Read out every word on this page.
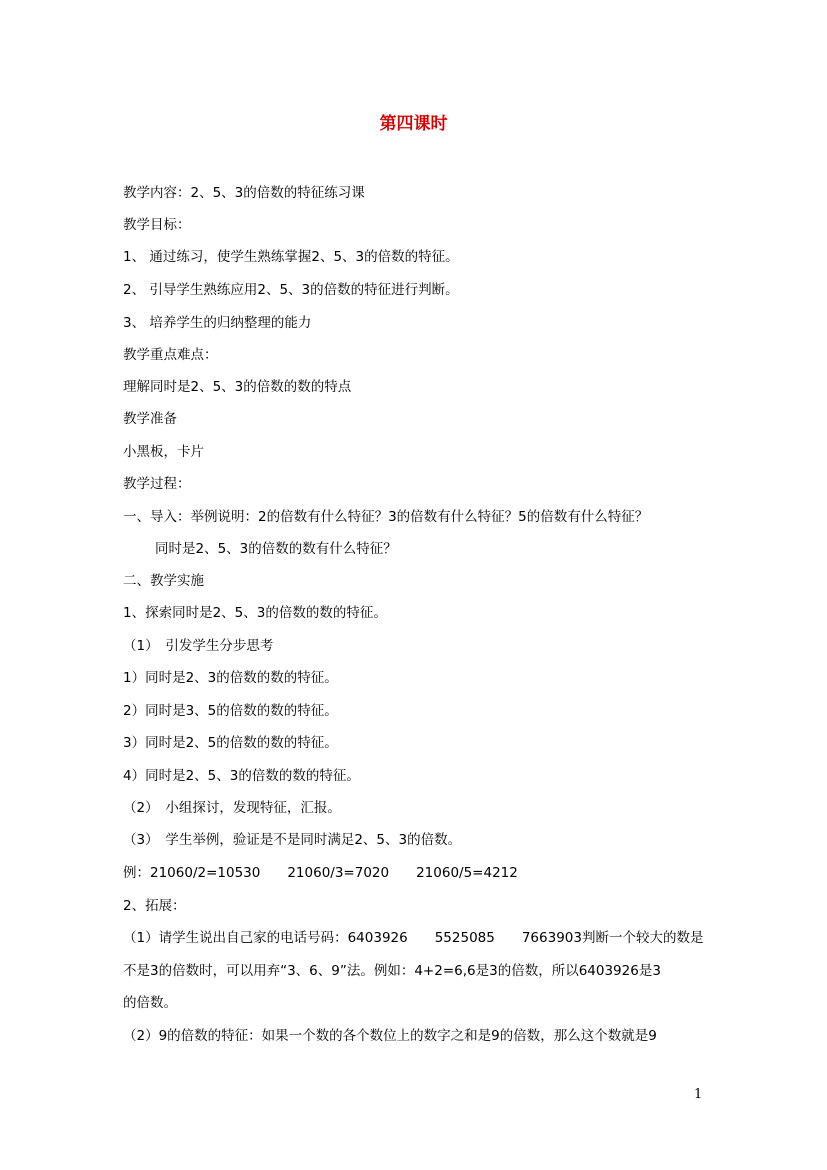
第四课时
教学内容：2、5、3的倍数的特征练习课
教学目标：
1、 通过练习，使学生熟练掌握2、5、3的倍数的特征。
2、 引导学生熟练应用2、5、3的倍数的特征进行判断。
3、 培养学生的归纳整理的能力
教学重点难点：
理解同时是2、5、3的倍数的数的特点
教学准备
小黑板，卡片
教学过程：
一、导入：举例说明：2的倍数有什么特征？3的倍数有什么特征？5的倍数有什么特征？
同时是2、5、3的倍数的数有什么特征？
二、教学实施
1、探索同时是2、5、3的倍数的数的特征。
（1）　引发学生分步思考
1）同时是2、3的倍数的数的特征。
2）同时是3、5的倍数的数的特征。
3）同时是2、5的倍数的数的特征。
4）同时是2、5、3的倍数的数的特征。
（2）　小组探讨，发现特征，汇报。
（3）　学生举例，验证是不是同时满足2、5、3的倍数。
例：21060/2=10530　　21060/3=7020　　21060/5=4212
2、拓展：
（1）请学生说出自己家的电话号码：6403926　　5525085　　7663903判断一个较大的数是
不是3的倍数时，可以用弃“3、6、9”法。例如：4+2=6,6是3的倍数，所以6403926是3
的倍数。
（2）9的倍数的特征：如果一个数的各个数位上的数字之和是9的倍数，那么这个数就是9
1
